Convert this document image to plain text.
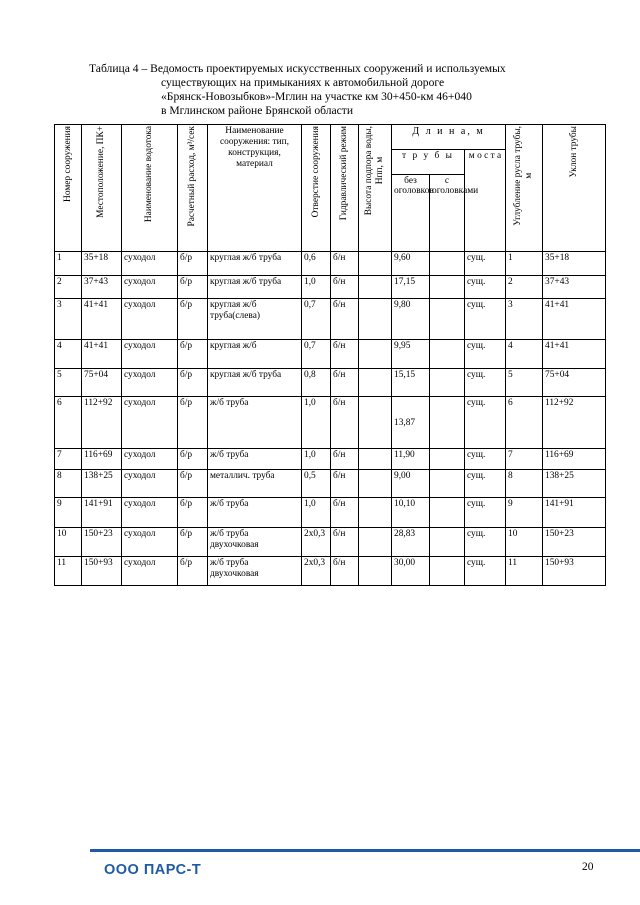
Таблица 4 – Ведомость проектируемых искусственных сооружений и используемых
существующих на примыканиях к автомобильной дороге
«Брянск-Новозыбков»-Мглин на участке км 30+450-км 46+040
в Мглинском районе Брянской области
Номер сооружения	Местоположение, ПК+	Наименование водотока	Расчетный расход, м³/сек	Наименование сооружения: тип, конструкция, материал	Отверстие сооружения	Гидравлический режим	Высота подпора воды,
Нпп, м	Д л и н а, м			Углубление русла трубы,
м	Уклон трубы

								т р у б ы		м о с т а		

								без оголовков	с
оголовками			

1	35+18	суходол	б/р	круглая ж/б труба	0,6	б/н		9,60		сущ.	1	35+18
2	37+43	суходол	б/р	круглая ж/б труба	1,0	б/н		17,15		сущ.	2	37+43
3	41+41	суходол	б/р	круглая ж/б труба(слева)	0,7	б/н		9,80		сущ.	3	41+41
4	41+41	суходол	б/р	круглая ж/б	0,7	б/н		9,95		сущ.	4	41+41
5	75+04	суходол	б/р	круглая ж/б труба	0,8	б/н		15,15		сущ.	5	75+04
6	112+92	суходол	б/р	ж/б труба	1,0	б/н		13,87		сущ.	6	112+92
7	116+69	суходол	б/р	ж/б труба	1,0	б/н		11,90		сущ.	7	116+69
8	138+25	суходол	б/р	металлич. труба	0,5	б/н		9,00		сущ.	8	138+25
9	141+91	суходол	б/р	ж/б труба	1,0	б/н		10,10		сущ.	9	141+91
10	150+23	суходол	б/р	ж/б труба двухочковая	2х0,3	б/н		28,83		сущ.	10	150+23
11	150+93	суходол	б/р	ж/б труба двухочковая	2х0,3	б/н		30,00		сущ.	11	150+93
ООО ПАРС-Т	20
